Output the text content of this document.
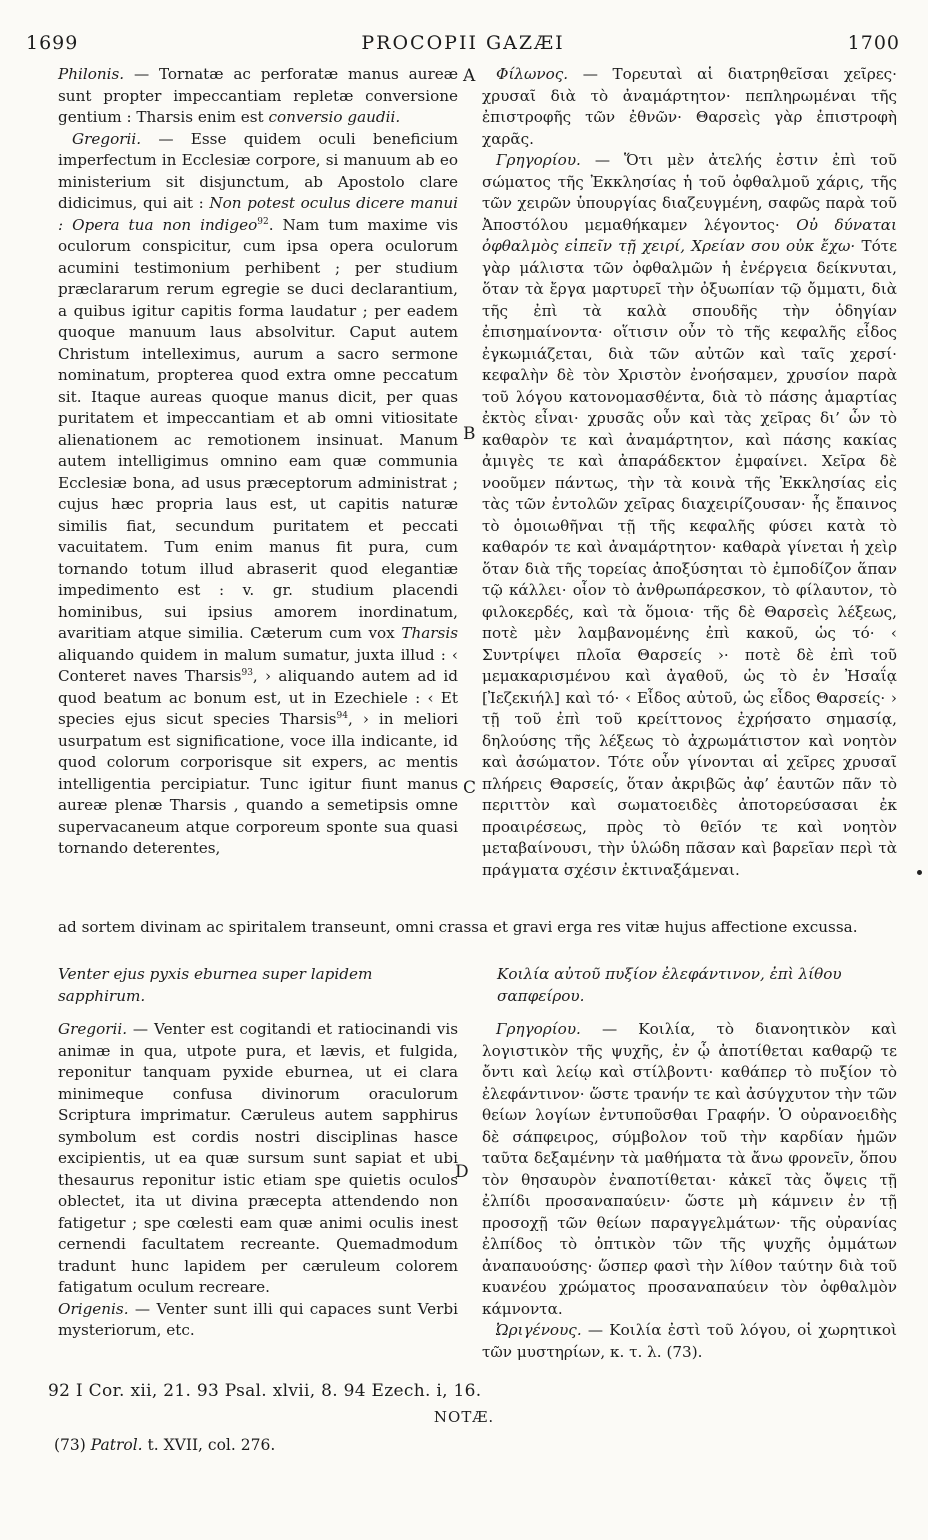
1699	PROCOPII GAZÆI	1700

Philonis. — Tornatæ ac perforatæ manus aureæ sunt propter impeccantiam repletæ conversione gentium : Tharsis enim est conversio gaudii.

Gregorii. — Esse quidem oculi beneficium imperfectum in Ecclesiæ corpore, si manuum ab eo ministerium sit disjunctum, ab Apostolo clare didicimus, qui ait : Non potest oculus dicere manui : Opera tua non indigeo$^{92}$. Nam tum maxime vis oculorum conspicitur, cum ipsa opera oculorum acumini testimonium perhibent ; per studium præclararum rerum egregie se duci declarantium, a quibus igitur capitis forma laudatur ; per eadem quoque manuum laus absolvitur. Caput autem Christum intelleximus, aurum a sacro sermone nominatum, propterea quod extra omne peccatum sit. Itaque aureas quoque manus dicit, per quas puritatem et impeccantiam et ab omni vitiositate alienationem ac remotionem insinuat. Manum autem intelligimus omnino eam quæ communia Ecclesiæ bona, ad usus præceptorum administrat ; cujus hæc propria laus est, ut capitis naturæ similis fiat, secundum puritatem et peccati vacuitatem. Tum enim manus fit pura, cum tornando totum illud abraserit quod elegantiæ impedimento est : v. gr. studium placendi hominibus, sui ipsius amorem inordinatum, avaritiam atque similia. Cæterum cum vox Tharsis aliquando quidem in malum sumatur, juxta illud : ‹ Conteret naves Tharsis$^{93}$, › aliquando autem ad id quod beatum ac bonum est, ut in Ezechiele : ‹ Et species ejus sicut species Tharsis$^{94}$, › in meliori usurpatum est significatione, voce illa indicante, id quod colorum corporisque sit expers, ac mentis intelligentia percipiatur. Tunc igitur fiunt manus aureæ plenæ Tharsis , quando a semetipsis omne supervacaneum atque corporeum sponte sua quasi tornando deterentes,

Φίλωνος. — Τορευταὶ αἱ διατρηθεῖσαι χεῖρες· χρυσαῖ διὰ τὸ ἀναμάρτητον· πεπληρωμέναι τῆς ἐπιστροφῆς τῶν ἐθνῶν· Θαρσεὶς γὰρ ἐπιστροφὴ χαρᾶς.

Γρηγορίου. — Ὅτι μὲν ἀτελής ἐστιν ἐπὶ τοῦ σώματος τῆς Ἐκκλησίας ἡ τοῦ ὀφθαλμοῦ χάρις, τῆς τῶν χειρῶν ὑπουργίας διαζευγμένη, σαφῶς παρὰ τοῦ Ἀποστόλου μεμαθήκαμεν λέγοντος· Οὐ δύναται ὀφθαλμὸς εἰπεῖν τῇ χειρί, Χρείαν σου οὐκ ἔχω· Τότε γὰρ μάλιστα τῶν ὀφθαλμῶν ἡ ἐνέργεια δείκνυται, ὅταν τὰ ἔργα μαρτυρεῖ τὴν ὀξυωπίαν τῷ ὄμματι, διὰ τῆς ἐπὶ τὰ καλὰ σπουδῆς τὴν ὁδηγίαν ἐπισημαίνοντα· οἵτισιν οὖν τὸ τῆς κεφαλῆς εἶδος ἐγκωμιάζεται, διὰ τῶν αὐτῶν καὶ ταῖς χερσί· κεφαλὴν δὲ τὸν Χριστὸν ἐνοήσαμεν, χρυσίον παρὰ τοῦ λόγου κατονομασθέντα, διὰ τὸ πάσης ἁμαρτίας ἐκτὸς εἶναι· χρυσᾶς οὖν καὶ τὰς χεῖρας δι’ ὧν τὸ καθαρὸν τε καὶ ἀναμάρτητον, καὶ πάσης κακίας ἀμιγὲς τε καὶ ἀπαράδεκτον ἐμφαίνει. Χεῖρα δὲ νοοῦμεν πάντως, τὴν τὰ κοινὰ τῆς Ἐκκλησίας εἰς τὰς τῶν ἐντολῶν χεῖρας διαχειρίζουσαν· ἧς ἔπαινος τὸ ὁμοιωθῆναι τῇ τῆς κεφαλῆς φύσει κατὰ τὸ καθαρόν τε καὶ ἀναμάρτητον· καθαρὰ γίνεται ἡ χεὶρ ὅταν διὰ τῆς τορείας ἀποξύσηται τὸ ἐμποδίζον ἅπαν τῷ κάλλει· οἷον τὸ ἀνθρωπάρεσκον, τὸ φίλαυτον, τὸ φιλοκερδές, καὶ τὰ ὅμοια· τῆς δὲ Θαρσεὶς λέξεως, ποτὲ μὲν λαμβανομένης ἐπὶ κακοῦ, ὡς τό· ‹ Συντρίψει πλοῖα Θαρσείς ›· ποτὲ δὲ ἐπὶ τοῦ μεμακαρισμένου καὶ ἀγαθοῦ, ὡς τὸ ἐν Ἠσαΐᾳ [Ἰεζεκιήλ] καὶ τό· ‹ Εἶδος αὐτοῦ, ὡς εἶδος Θαρσείς· › τῇ τοῦ ἐπὶ τοῦ κρείττονος ἐχρήσατο σημασίᾳ, δηλούσης τῆς λέξεως τὸ ἀχρωμάτιστον καὶ νοητὸν καὶ ἀσώματον. Τότε οὖν γίνονται αἱ χεῖρες χρυσαῖ πλήρεις Θαρσείς, ὅταν ἀκριβῶς ἀφ’ ἑαυτῶν πᾶν τὸ περιττὸν καὶ σωματοειδὲς ἀποτορεύσασαι ἐκ προαιρέσεως, πρὸς τὸ θεῖόν τε καὶ νοητὸν μεταβαίνουσι, τὴν ὑλώδη πᾶσαν καὶ βαρεῖαν περὶ τὰ πράγματα σχέσιν ἐκτιναξάμεναι.

A
B
C
D
ad sortem divinam ac spiritalem transeunt, omni crassa et gravi erga res vitæ hujus affectione excussa.
Venter ejus pyxis eburnea super lapidem sapphirum.
Κοιλία αὐτοῦ πυξίον ἐλεφάντινον, ἐπὶ λίθου σαπφείρου.

Gregorii. — Venter est cogitandi et ratiocinandi vis animæ in qua, utpote pura, et lævis, et fulgida, reponitur tanquam pyxide eburnea, ut ei clara minimeque confusa divinorum oraculorum Scriptura imprimatur. Cæruleus autem sapphirus symbolum est cordis nostri disciplinas hasce excipientis, ut ea quæ sursum sunt sapiat et ubi thesaurus reponitur istic etiam spe quietis oculos oblectet, ita ut divina præcepta attendendo non fatigetur ; spe cœlesti eam quæ animi oculis inest cernendi facultatem recreante. Quemadmodum tradunt hunc lapidem per cæruleum colorem fatigatum oculum recreare.

Origenis. — Venter sunt illi qui capaces sunt Verbi mysteriorum, etc.

Γρηγορίου. — Κοιλία, τὸ διανοητικὸν καὶ λογιστικὸν τῆς ψυχῆς, ἐν ᾧ ἀποτίθεται καθαρῷ τε ὄντι καὶ λείῳ καὶ στίλβοντι· καθάπερ τὸ πυξίον τὸ ἐλεφάντινον· ὥστε τρανήν τε καὶ ἀσύγχυτον τὴν τῶν θείων λογίων ἐντυποῦσθαι Γραφήν. Ὁ οὐρανοειδὴς δὲ σάπφειρος, σύμβολον τοῦ τὴν καρδίαν ἡμῶν ταῦτα δεξαμένην τὰ μαθήματα τὰ ἄνω φρονεῖν, ὅπου τὸν θησαυρὸν ἐναποτίθεται· κἀκεῖ τὰς ὄψεις τῇ ἐλπίδι προσαναπαύειν· ὥστε μὴ κάμνειν ἐν τῇ προσοχῇ τῶν θείων παραγγελμάτων· τῆς οὐρανίας ἐλπίδος τὸ ὀπτικὸν τῶν τῆς ψυχῆς ὀμμάτων ἀναπαυούσης· ὥσπερ φασὶ τὴν λίθον ταύτην διὰ τοῦ κυανέου χρώματος προσαναπαύειν τὸν ὀφθαλμὸν κάμνοντα.

Ὠριγένους. — Κοιλία ἐστὶ τοῦ λόγου, οἱ χωρητικοὶ τῶν μυστηρίων, κ. τ. λ. (73).

92 I Cor. xii, 21. 93 Psal. xlvii, 8. 94 Ezech. i, 16.
NOTÆ.
(73) Patrol. t. XVII, col. 276.
